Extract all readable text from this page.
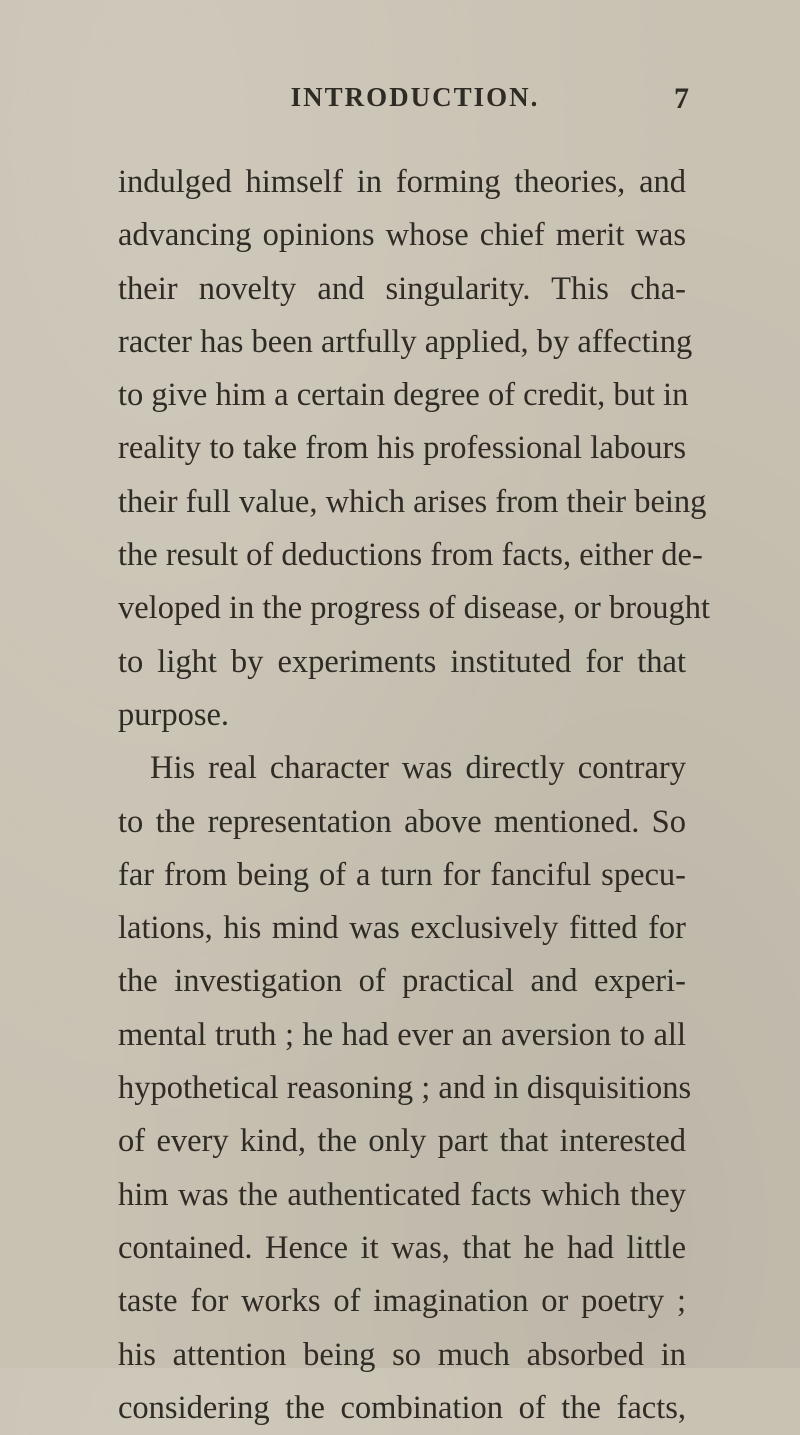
INTRODUCTION.	7
indulged himself in forming theories, and
advancing opinions whose chief merit was
their novelty and singularity. This cha-
racter has been artfully applied, by affecting
to give him a certain degree of credit, but in
reality to take from his professional labours
their full value, which arises from their being
the result of deductions from facts, either de-
veloped in the progress of disease, or brought
to light by experiments instituted for that
purpose.
His real character was directly contrary
to the representation above mentioned. So
far from being of a turn for fanciful specu-
lations, his mind was exclusively fitted for
the investigation of practical and experi-
mental truth ; he had ever an aversion to all
hypothetical reasoning ; and in disquisitions
of every kind, the only part that interested
him was the authenticated facts which they
contained. Hence it was, that he had little
taste for works of imagination or poetry ;
his attention being so much absorbed in
considering the combination of the facts,
